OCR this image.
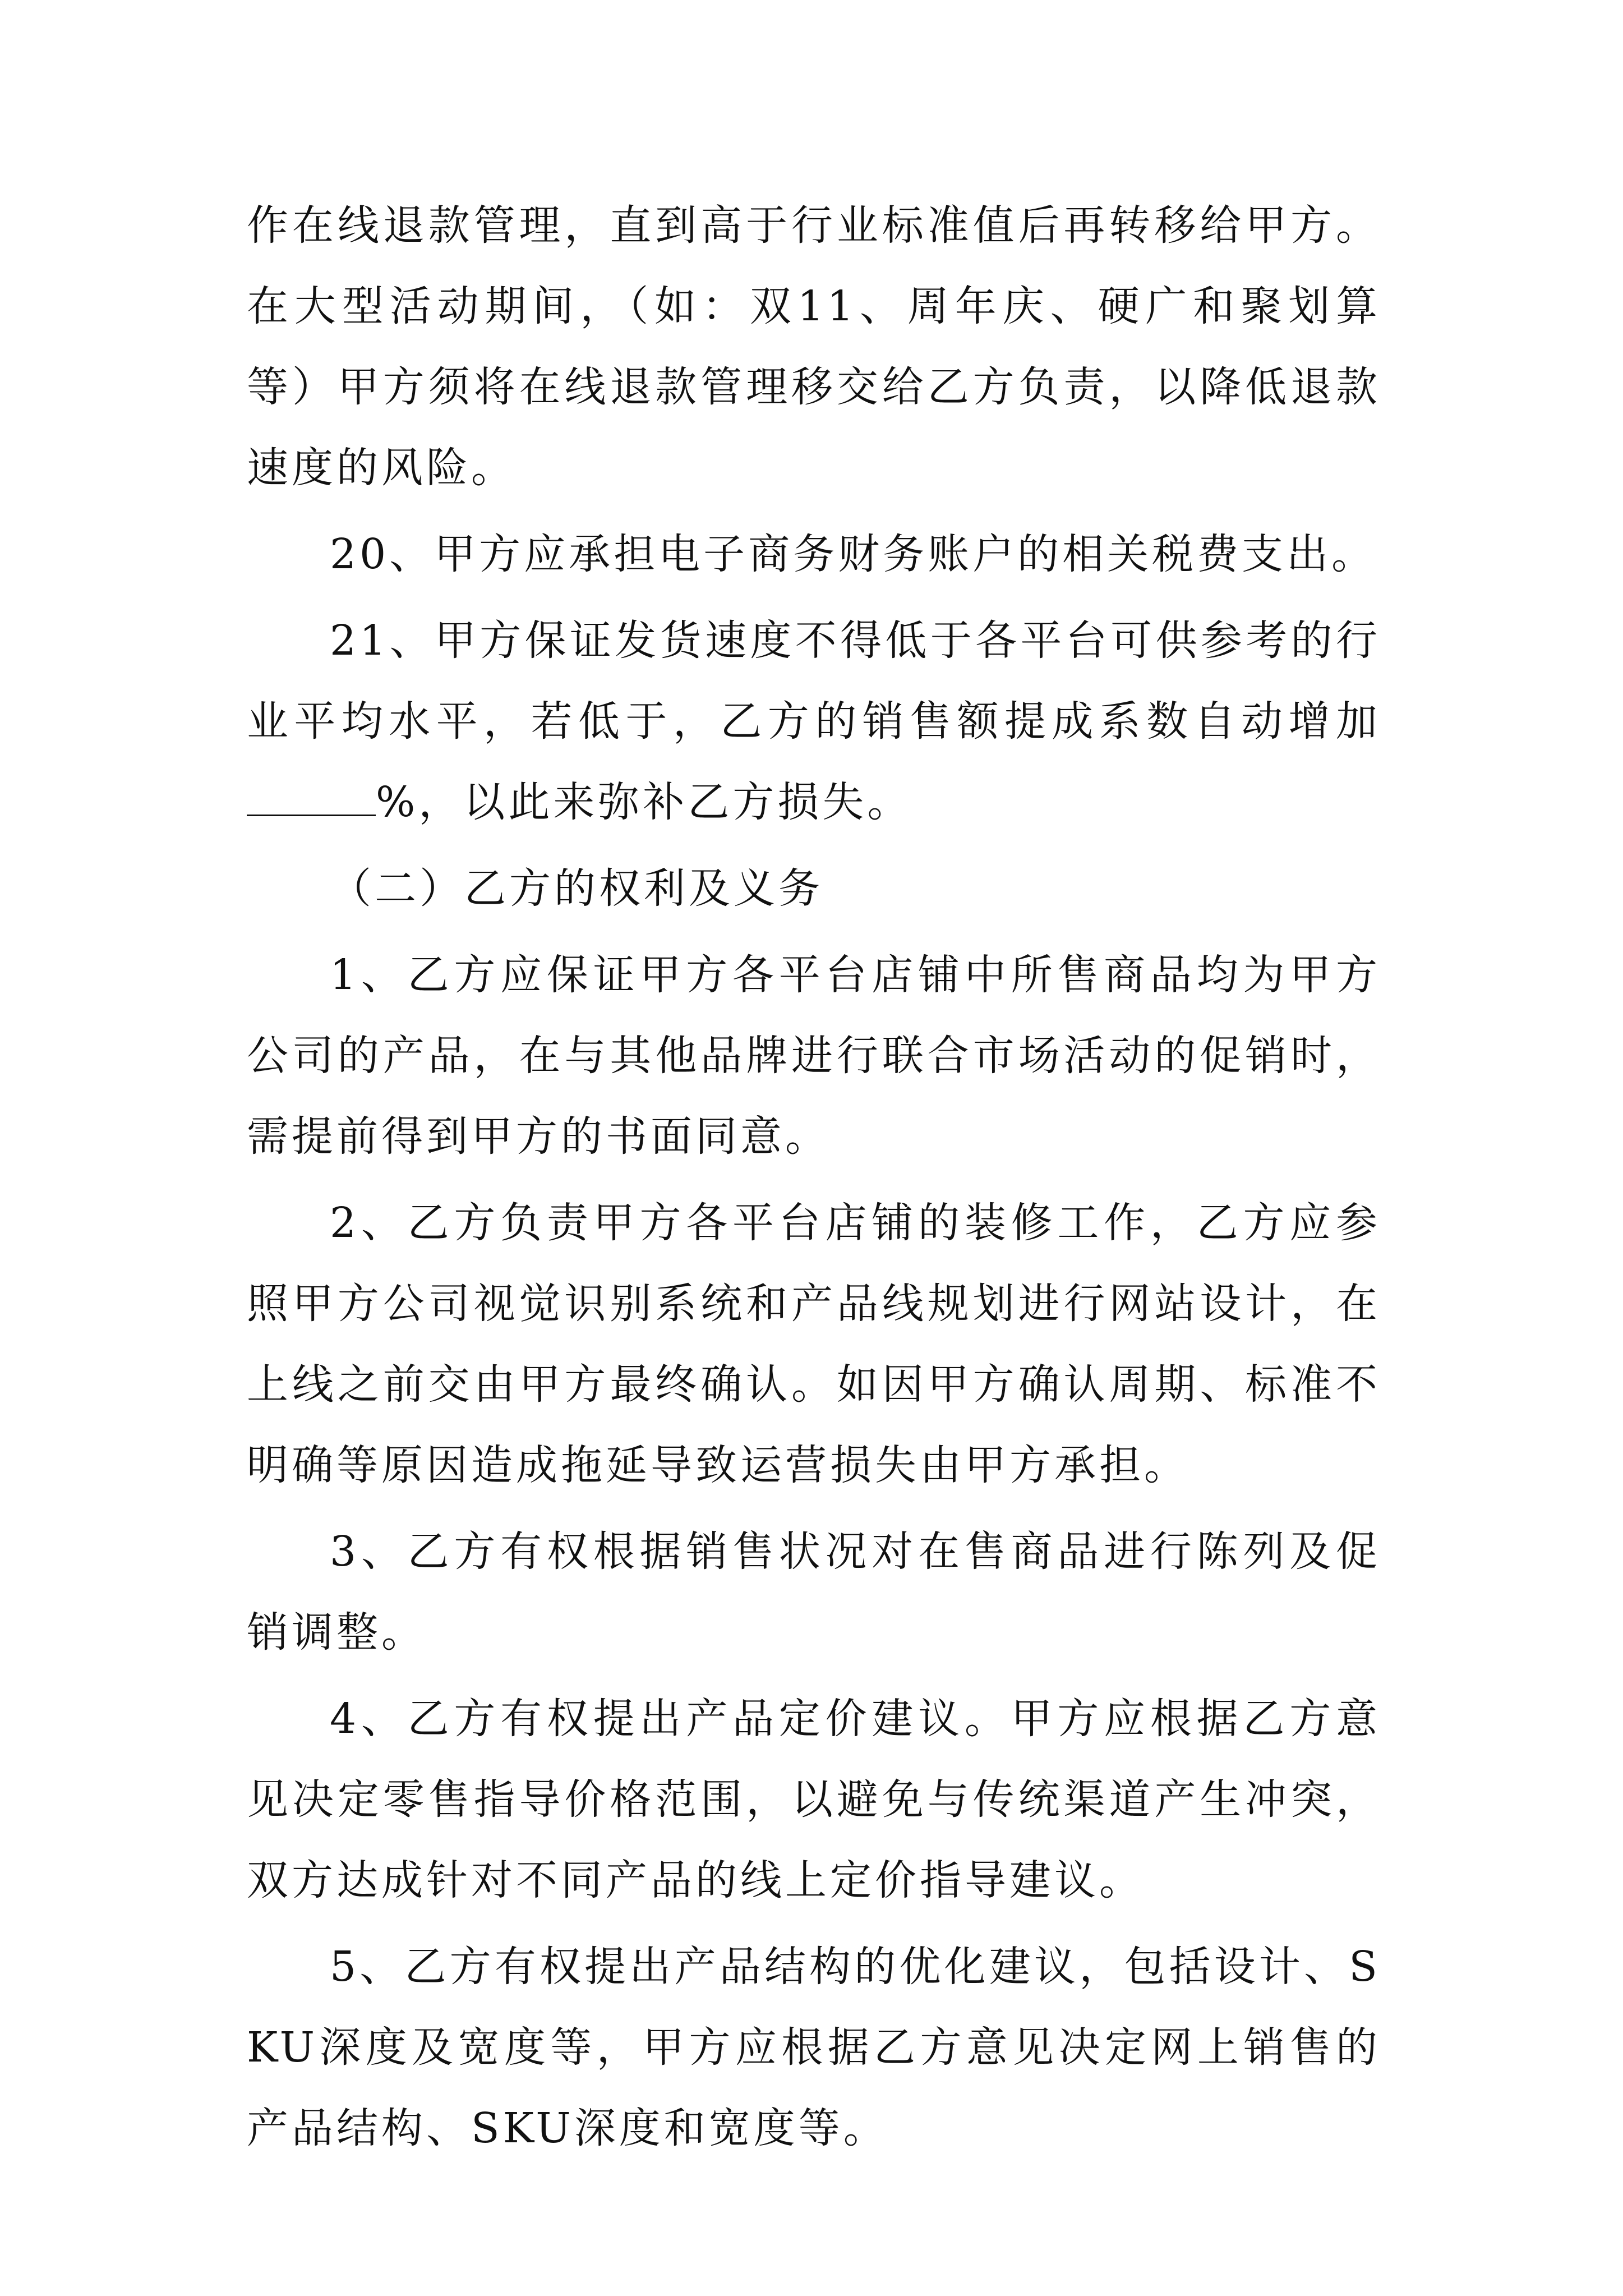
作在线退款管理，直到高于行业标准值后再转移给甲方。在大型活动期间，（如：双11、周年庆、硬广和聚划算等）甲方须将在线退款管理移交给乙方负责，以降低退款速度的风险。

20、甲方应承担电子商务财务账户的相关税费支出。

21、甲方保证发货速度不得低于各平台可供参考的行业平均水平，若低于，乙方的销售额提成系数自动增加%，以此来弥补乙方损失。

（二）乙方的权利及义务

1、乙方应保证甲方各平台店铺中所售商品均为甲方公司的产品，在与其他品牌进行联合市场活动的促销时，需提前得到甲方的书面同意。

2、乙方负责甲方各平台店铺的装修工作，乙方应参照甲方公司视觉识别系统和产品线规划进行网站设计，在上线之前交由甲方最终确认。如因甲方确认周期、标准不明确等原因造成拖延导致运营损失由甲方承担。

3、乙方有权根据销售状况对在售商品进行陈列及促销调整。

4、乙方有权提出产品定价建议。甲方应根据乙方意见决定零售指导价格范围，以避免与传统渠道产生冲突，双方达成针对不同产品的线上定价指导建议。

5、乙方有权提出产品结构的优化建议，包括设计、SKU深度及宽度等，甲方应根据乙方意见决定网上销售的产品结构、SKU深度和宽度等。
